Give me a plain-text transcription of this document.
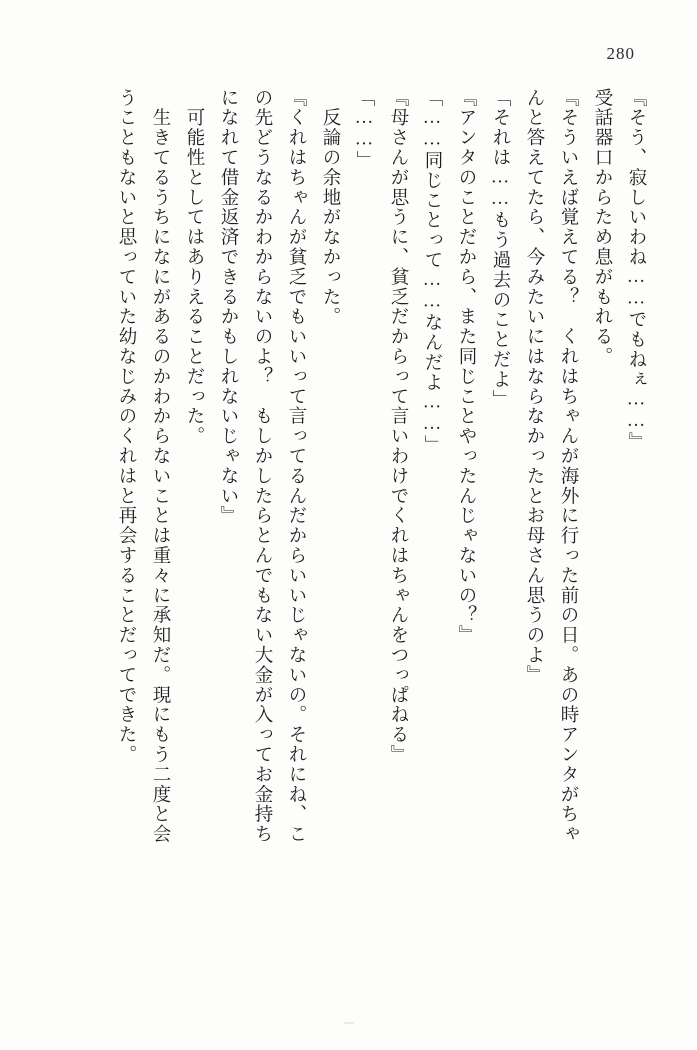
280
『そう、寂しいわね……でもねぇ……』
受話器口からため息がもれる。
『そういえば覚えてる？　くれはちゃんが海外に行った前の日。あの時アンタがちゃ
んと答えてたら、今みたいにはならなかったとお母さん思うのよ』
「それは……もう過去のことだよ」
『アンタのことだから、また同じことやったんじゃないの？』
「……同じことって……なんだよ……」
『母さんが思うに、貧乏だからって言いわけでくれはちゃんをつっぱねる』
「……」
　反論の余地がなかった。
『くれはちゃんが貧乏でもいいって言ってるんだからいいじゃないの。それにね、こ
の先どうなるかわからないのよ？　もしかしたらとんでもない大金が入ってお金持ち
になれて借金返済できるかもしれないじゃない』
　可能性としてはありえることだった。
　生きてるうちになにがあるのかわからないことは重々に承知だ。現にもう二度と会
うこともないと思っていた幼なじみのくれはと再会することだってできた。
